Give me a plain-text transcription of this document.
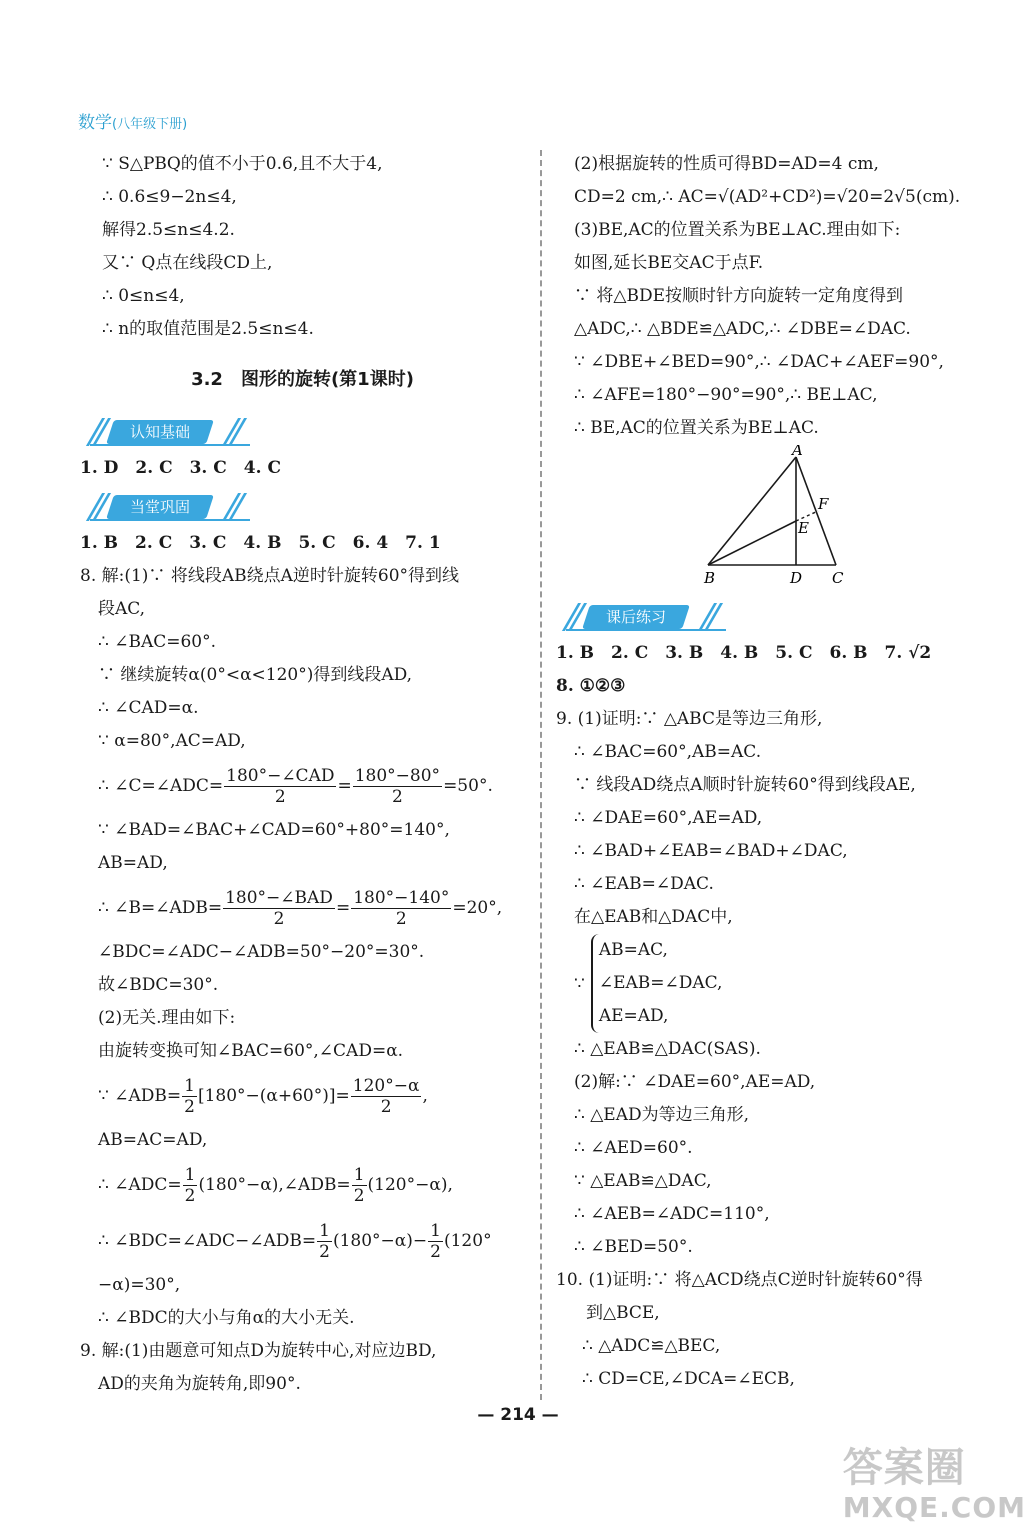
数学(八年级下册)
∵ S△PBQ的值不小于0.6,且不大于4,
∴ 0.6≤9−2n≤4,
解得2.5≤n≤4.2.
又∵ Q点在线段CD上,
∴ 0≤n≤4,
∴ n的取值范围是2.5≤n≤4.
3.2　图形的旋转(第1课时)
认知基础
1. D　2. C　3. C　4. C
当堂巩固
1. B　2. C　3. C　4. B　5. C　6. 4　7. 1
8. 解:(1)∵ 将线段AB绕点A逆时针旋转60°得到线
段AC,
∴ ∠BAC=60°.
∵ 继续旋转α(0°<α<120°)得到线段AD,
∴ ∠CAD=α.
∵ α=80°,AC=AD,
∴ ∠C=∠ADC= $\frac{\text{180°−∠CAD}}{2} = \frac{180^\circ-80^\circ}{2} =50^\circ$.
∵ ∠BAD=∠BAC+∠CAD=60°+80°=140°,
AB=AD,
∴ ∠B=∠ADB= $\frac{\text{180°−∠BAD}}{2} = \frac{180^\circ-140^\circ}{2} =20^\circ$,
∠BDC=∠ADC−∠ADB=50°−20°=30°.
故∠BDC=30°.
(2)无关.理由如下:
由旋转变换可知∠BAC=60°,∠CAD=α.
∵ ∠ADB= $\frac{1}{2} [180^\circ-(\alpha+60^\circ)]= \frac{120^\circ-\alpha}{2}$ ,
AB=AC=AD,
∴ ∠ADC= $\frac{1}{2}$ (180°−α),∠ADB= $\frac{1}{2} (120^\circ-\alpha)$,
∴ ∠BDC=∠ADC−∠ADB= $\frac{1}{2} (180^\circ-\alpha)- \frac{1}{2} (120^\circ$
−α)=30°,
∴ ∠BDC的大小与角α的大小无关.
9. 解:(1)由题意可知点D为旋转中心,对应边BD,
AD的夹角为旋转角,即90°.
(2)根据旋转的性质可得BD=AD=4 cm,
CD=2 cm,∴ AC=√(AD²+CD²)=√20=2√5(cm).
(3)BE,AC的位置关系为BE⊥AC.理由如下:
如图,延长BE交AC于点F.
∵ 将△BDE按顺时针方向旋转一定角度得到
△ADC,∴ △BDE≌△ADC,∴ ∠DBE=∠DAC.
∵ ∠DBE+∠BED=90°,∴ ∠DAC+∠AEF=90°,
∴ ∠AFE=180°−90°=90°,∴ BE⊥AC,
∴ BE,AC的位置关系为BE⊥AC.
A
B	C
D
E
F
课后练习
1. B　2. C　3. B　4. B　5. C　6. B　7. √2
8. ①②③
9. (1)证明:∵ △ABC是等边三角形,
∴ ∠BAC=60°,AB=AC.
∵ 线段AD绕点A顺时针旋转60°得到线段AE,
∴ ∠DAE=60°,AE=AD,
∴ ∠BAD+∠EAB=∠BAD+∠DAC,
∴ ∠EAB=∠DAC.
在△EAB和△DAC中,
∵
AB=AC,
∠EAB=∠DAC,
AE=AD,
∴ △EAB≌△DAC(SAS).
(2)解:∵ ∠DAE=60°,AE=AD,
∴ △EAD为等边三角形,
∴ ∠AED=60°.
∵ △EAB≌△DAC,
∴ ∠AEB=∠ADC=110°,
∴ ∠BED=50°.
10. (1)证明:∵ 将△ACD绕点C逆时针旋转60°得
到△BCE,
∴ △ADC≌△BEC,
∴ CD=CE,∠DCA=∠ECB,
— 214 —
答案圈
MXQE.COM
